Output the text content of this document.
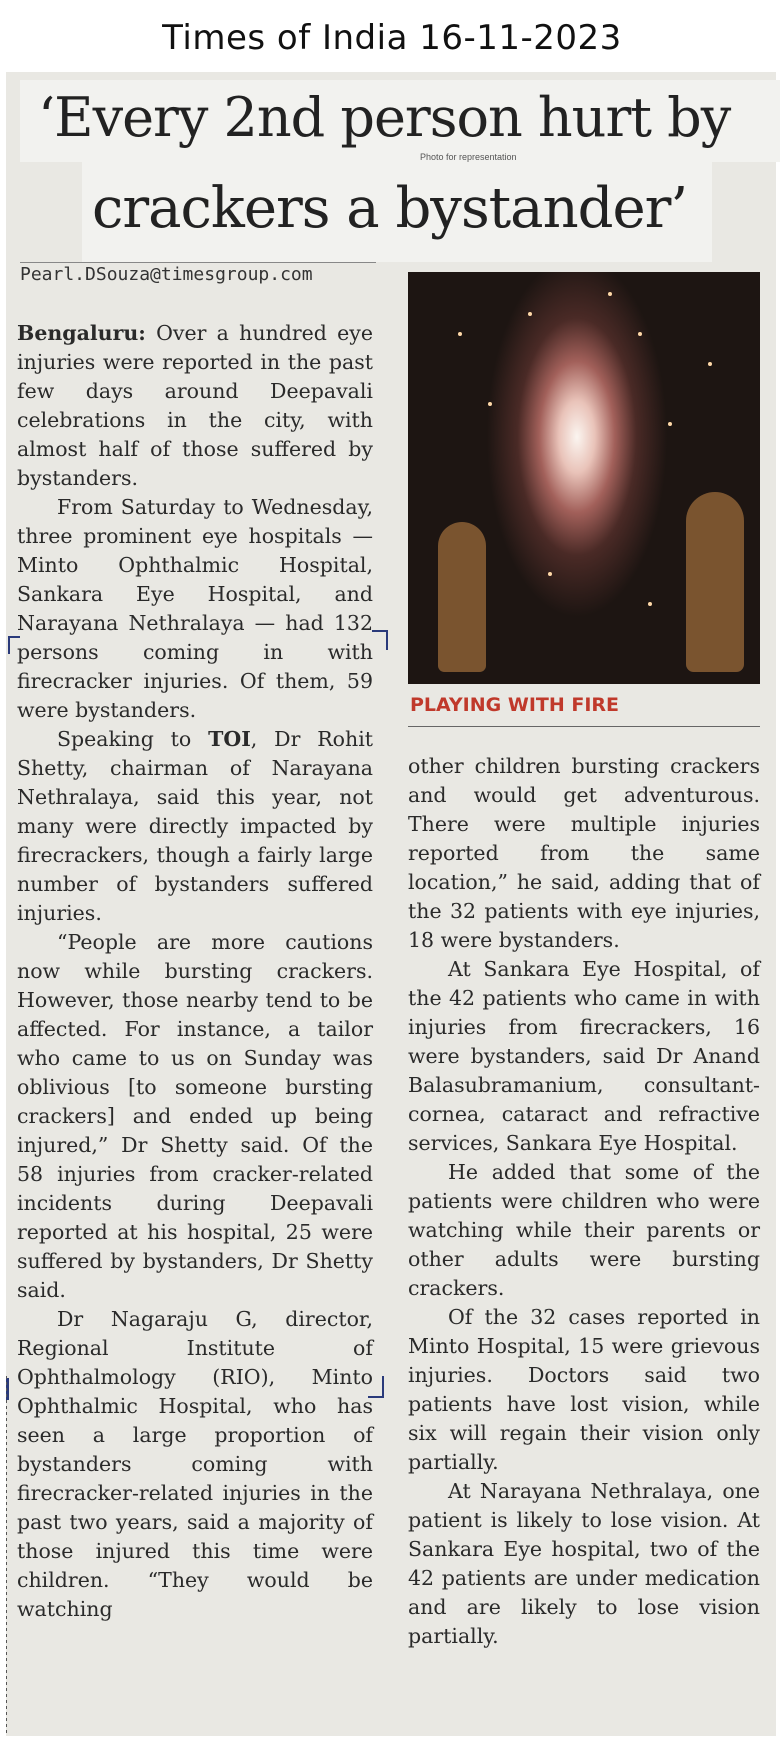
Times of India 16-11-2023
‘Every 2nd person hurt by
Photo for representation
crackers a bystander’
Pearl.DSouza@timesgroup.com
PLAYING WITH FIRE

Bengaluru: Over a hundred eye injuries were reported in the past few days around Deepavali celebrations in the city, with almost half of those suffered by bystanders.

From Saturday to Wednesday, three prominent eye hospitals — Minto Ophthalmic Hospital, Sankara Eye Hospital, and Narayana Nethralaya — had 132 persons coming in with firecracker injuries. Of them, 59 were bystanders.

Speaking to TOI, Dr Rohit Shetty, chairman of Narayana Nethralaya, said this year, not many were directly impacted by firecrackers, though a fairly large number of bystanders suffered injuries.

“People are more cautions now while bursting crackers. However, those nearby tend to be affected. For instance, a tailor who came to us on Sunday was oblivious [to someone bursting crackers] and ended up being injured,” Dr Shetty said. Of the 58 injuries from cracker-related incidents during Deepavali reported at his hospital, 25 were suffered by bystanders, Dr Shetty said.

Dr Nagaraju G, director, Regional Institute of Ophthalmology (RIO), Minto Ophthalmic Hospital, who has seen a large proportion of bystanders coming with firecracker-related injuries in the past two years, said a majority of those injured this time were children. “They would be watching

other children bursting crackers and would get adventurous. There were multiple injuries reported from the same location,” he said, adding that of the 32 patients with eye injuries, 18 were bystanders.

At Sankara Eye Hospital, of the 42 patients who came in with injuries from firecrackers, 16 were bystanders, said Dr Anand Balasubramanium, consultant-cornea, cataract and refractive services, Sankara Eye Hospital.

He added that some of the patients were children who were watching while their parents or other adults were bursting crackers.

Of the 32 cases reported in Minto Hospital, 15 were grievous injuries. Doctors said two patients have lost vision, while six will regain their vision only partially.

At Narayana Nethralaya, one patient is likely to lose vision. At Sankara Eye hospital, two of the 42 patients are under medication and are likely to lose vision partially.
